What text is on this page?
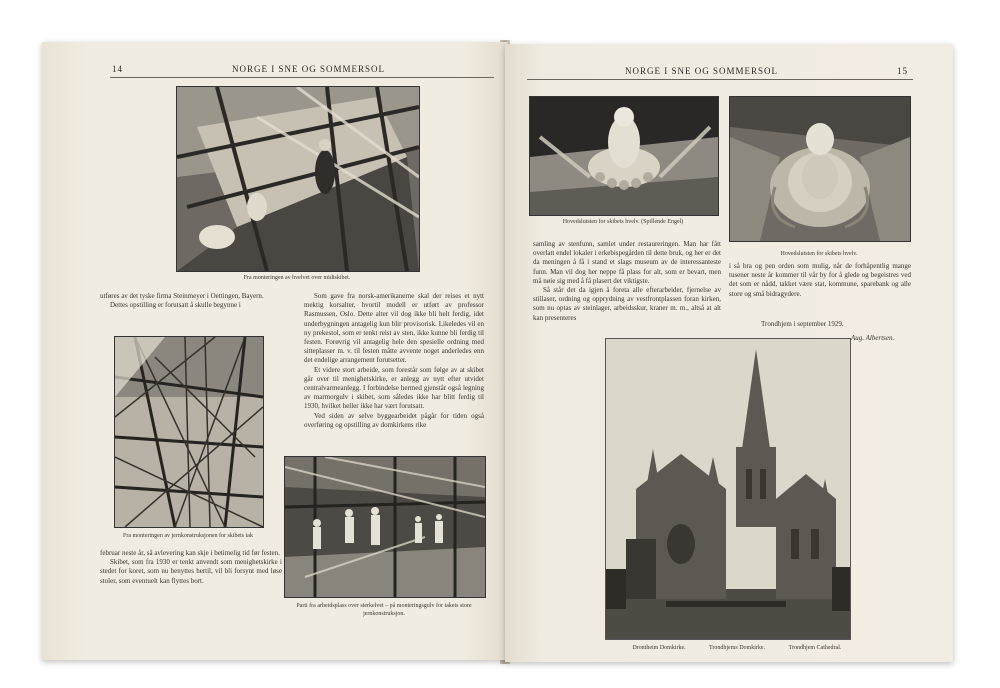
14	NORGE I SNE OG SOMMERSOL
Fra monteringen av hvelvet over midtskibet.

utføres av det tyske firma Steinmeyer i Oettingen, Bayern.

Dettes opstilling er forutsatt å skulle begynne i

Fra monteringen av jernkonstruksjonen for skibets tak

februar neste år, så avlevering kan skje i betimelig tid før festen.

Skibet, som fra 1930 er tenkt anvendt som menighetskirke i stedet for koret, som nu benyttes hertil, vil bli forsynt med løse stoler, som eventuelt kan flyttes bort.

Som gave fra norsk-amerikanerne skal der reises et nytt mektig korsalter, hvortil modell er utført av professor Rasmussen, Oslo. Dette alter vil dog ikke bli helt ferdig, idet underbygningen antagelig kun blir provisorisk. Likeledes vil en ny prekestol, som er tenkt reist av sten, ikke kunne bli ferdig til festen. Forøvrig vil antagelig hele den spesielle ordning med sitteplasser m. v. til festen måtte avvente noget anderledes enn det endelige arrangement forutsetter.

Et videre stort arbeide, som forestår som følge av at skibet går over til menighetskirke, er anlegg av nytt efter utvidet centralvarmeanlegg. I forbindelse hermed gjenstår også legning av marmorgulv i skibet, som således ikke har blitt ferdig til 1930, hvilket heller ikke har vært forutsatt.

Ved siden av selve byggearbeidet pågår for tiden også overføring og opstilling av domkirkens rike

Parti fra arbeidsplass over sterkelvet – på monteringsgulv for takets store jernkonstruksjon.
NORGE I SNE OG SOMMERSOL	15
Hovedslutsten for skibets hvelv. (Spillende Engel)
Hovedslutsten for skibets hvelv.

samling av stenfunn, samlet under restaureringen. Man har fått overlatt endel lokaler i erkebispegården til dette bruk, og her er det da meningen å få i stand et slags museum av de interessanteste funn. Man vil dog her neppe få plass for alt, som er bevart, men må nøie sig med å få plasert det viktigste.

Så står det da igjen å foreta alle efterarbeider, fjernelse av stillaser, ordning og opprydning av vestfrontplassen foran kirken, som nu optas av steinlager, arbeidsskur, kraner m. m., altså at alt kan presenteres

i så bra og pen orden som mulig, når de forhåpentlig mange tusener neste år kommer til vår by for å glede og begeistres ved det som er nådd, takket være stat, kommune, sparebank og alle store og små bidragydere.

Trondhjem i september 1929.
Aug. Albertsen.
Drontheim Domkirke.	Trondhjems Domkirke.	Trondhjem Cathedral.
